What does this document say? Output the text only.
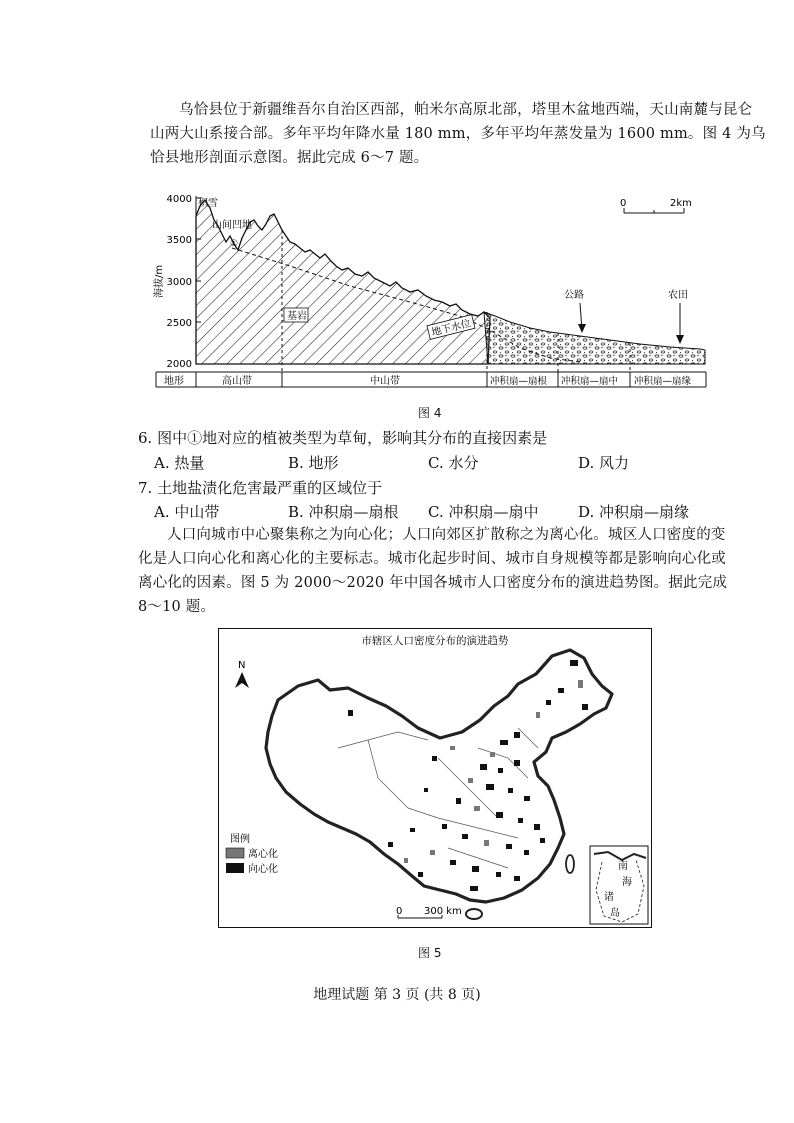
乌恰县位于新疆维吾尔自治区西部，帕米尔高原北部，塔里木盆地西端，天山南麓与昆仑
山两大山系接合部。多年平均年降水量 180 mm，多年平均年蒸发量为 1600 mm。图 4 为乌
恰县地形剖面示意图。据此完成 6～7 题。
4000
3500
3000
2500
2000
海拔/m
积雪
山间凹地
①
基岩
地下水位
公路	农田
0	2km
地形	高山带	中山带	冲积扇—扇根 冲积扇—扇中 冲积扇—扇缘
图 4
6. 图中①地对应的植被类型为草甸，影响其分布的直接因素是
A. 热量	B. 地形	C. 水分	D. 风力
7. 土地盐渍化危害最严重的区域位于
A. 中山带	B. 冲积扇—扇根 C. 冲积扇—扇中	D. 冲积扇—扇缘
人口向城市中心聚集称之为向心化；人口向郊区扩散称之为离心化。城区人口密度的变
化是人口向心化和离心化的主要标志。城市化起步时间、城市自身规模等都是影响向心化或
离心化的因素。图 5 为 2000～2020 年中国各城市人口密度分布的演进趋势图。据此完成
8～10 题。
市辖区人口密度分布的演进趋势
N
图例
离心化
向心化
0 300 km
南
海
诸
岛
图 5
地理试题 第 3 页 (共 8 页)
